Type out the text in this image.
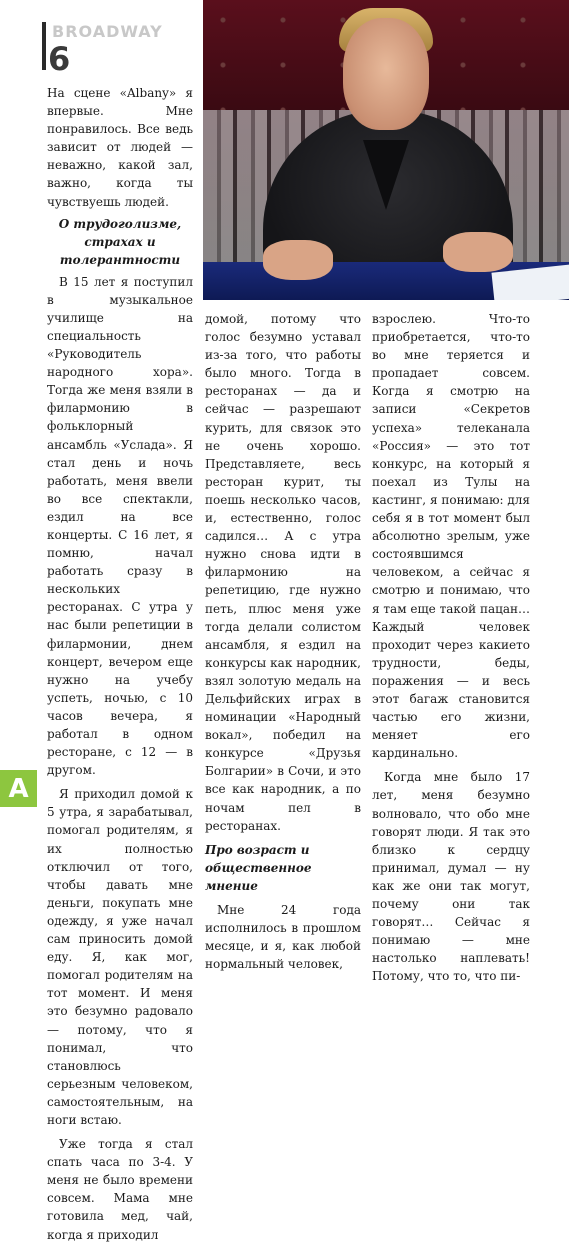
BROADWAY
6

На сцене «Albany» я впервые. Мне понравилось. Все ведь зависит от людей — неважно, какой зал, важно, когда ты чувствуешь людей.

О трудоголизме, страхах и толерантности

В 15 лет я поступил в музыкальное училище на специальность «Руководитель народного хора». Тогда же меня взяли в филармонию в фольклорный ансамбль «Услада». Я стал день и ночь работать, меня ввели во все спектакли, ездил на все концерты. С 16 лет, я помню, начал работать сразу в нескольких ресторанах. С утра у нас были репетиции в филармонии, днем концерт, вечером еще нужно на учебу успеть, ночью, с 10 часов вечера, я работал в одном ресторане, с 12 — в другом.

Я приходил домой к 5 утра, я зарабатывал, помогал родителям, я их полностью отключил от того, чтобы давать мне деньги, покупать мне одежду, я уже начал сам приносить домой еду. Я, как мог, помогал родителям на тот момент. И меня это безумно радовало — потому, что я понимал, что становлюсь серьезным человеком, самостоятельным, на ноги встаю.

Уже тогда я стал спать часа по 3-4. У меня не было времени совсем. Мама мне готовила мед, чай, когда я приходил

домой, потому что голос безумно уставал из-за того, что работы было много. Тогда в ресторанах — да и сейчас — разрешают курить, для связок это не очень хорошо. Представляете, весь ресторан курит, ты поешь несколько часов, и, естественно, голос садился… А с утра нужно снова идти в филармонию на репетицию, где нужно петь, плюс меня уже тогда делали солистом ансамбля, я ездил на конкурсы как народник, взял золотую медаль на Дельфийских играх в номинации «Народный вокал», победил на конкурсе «Друзья Болгарии» в Сочи, и это все как народник, а по ночам пел в ресторанах.

Про возраст и общественное мнение

Мне 24 года исполнилось в прошлом месяце, и я, как любой нормальный человек,

взрослею. Что-то приобретается, что-то во мне теряется и пропадает совсем. Когда я смотрю на записи «Секретов успеха» телеканала «Россия» — это тот конкурс, на который я поехал из Тулы на кастинг, я понимаю: для себя я в тот момент был абсолютно зрелым, уже состоявшимся человеком, а сейчас я смотрю и понимаю, что я там еще такой пацан… Каждый человек проходит через какието трудности, беды, поражения — и весь этот багаж становится частью его жизни, меняет его кардинально.

Когда мне было 17 лет, меня безумно волновало, что обо мне говорят люди. Я так это близко к сердцу принимал, думал — ну как же они так могут, почему они так говорят… Сейчас я понимаю — мне настолько наплевать! Потому, что то, что пи-

A
